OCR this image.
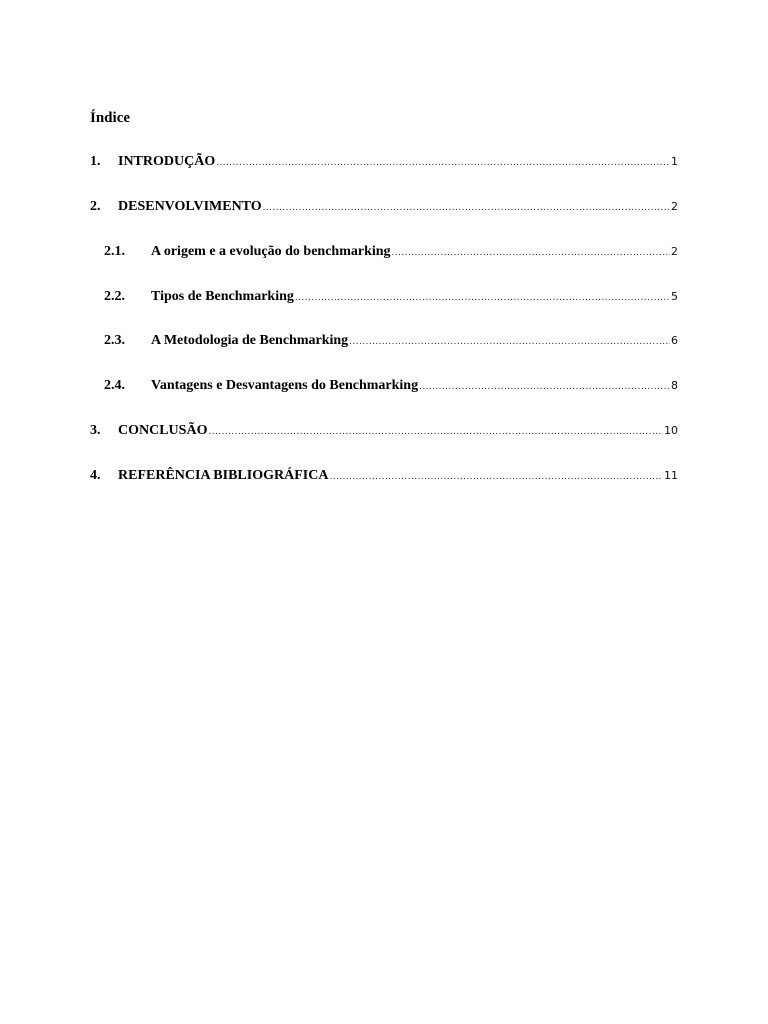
Índice
1.	INTRODUÇÃO .....	1
2.	DESENVOLVIMENTO .....	2
2.1.	A origem e a evolução do benchmarking .....	2
2.2.	Tipos de Benchmarking .....	5
2.3.	A Metodologia de Benchmarking .....	6
2.4.	Vantagens e Desvantagens do Benchmarking .....	8
3.	CONCLUSÃO .....	10
4.	REFERÊNCIA BIBLIOGRÁFICA .....	11
